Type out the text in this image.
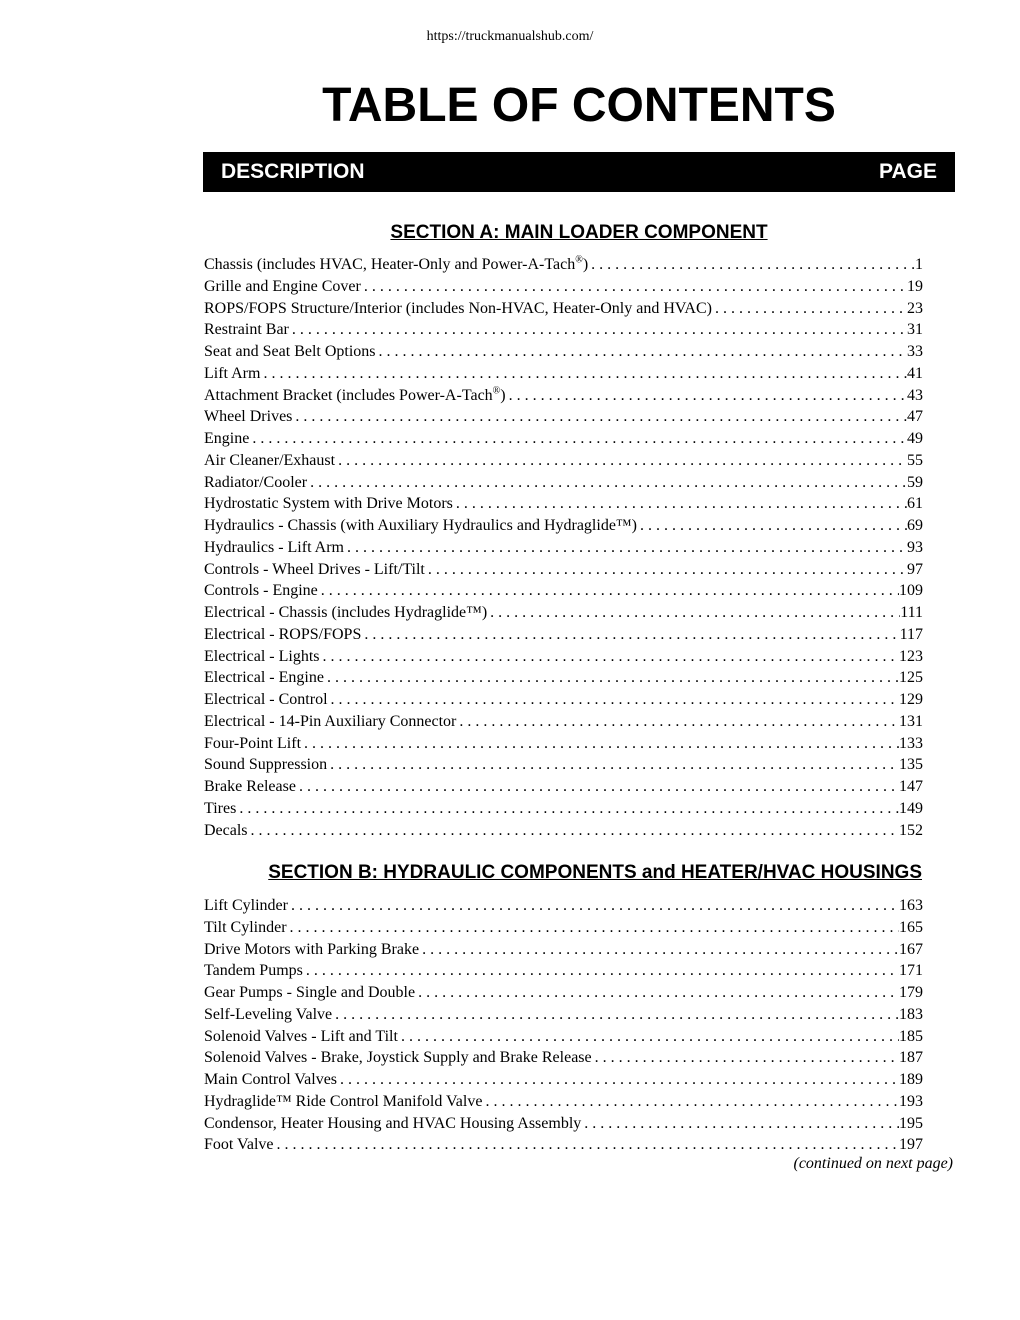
https://truckmanualshub.com/
TABLE OF CONTENTS
DESCRIPTION	PAGE
SECTION A: MAIN LOADER COMPONENT
Chassis (includes HVAC, Heater-Only and Power-A-Tach®) . . .	1
Grille and Engine Cover . . .	19
ROPS/FOPS Structure/Interior (includes Non-HVAC, Heater-Only and HVAC) . . .	23
Restraint Bar . . .	31
Seat and Seat Belt Options . . .	33
Lift Arm . . .	41
Attachment Bracket (includes Power-A-Tach®) . . .	43
Wheel Drives . . .	47
Engine . . .	49
Air Cleaner/Exhaust . . .	55
Radiator/Cooler . . .	59
Hydrostatic System with Drive Motors . . .	61
Hydraulics - Chassis (with Auxiliary Hydraulics and Hydraglide™) . . .	69
Hydraulics - Lift Arm . . .	93
Controls - Wheel Drives - Lift/Tilt . . .	97
Controls - Engine . . .	109
Electrical - Chassis (includes Hydraglide™) . . .	111
Electrical - ROPS/FOPS . . .	117
Electrical - Lights . . .	123
Electrical - Engine . . .	125
Electrical - Control . . .	129
Electrical - 14-Pin Auxiliary Connector . . .	131
Four-Point Lift . . .	133
Sound Suppression . . .	135
Brake Release . . .	147
Tires . . .	149
Decals . . .	152
SECTION B: HYDRAULIC COMPONENTS and HEATER/HVAC HOUSINGS
Lift Cylinder . . .	163
Tilt Cylinder . . .	165
Drive Motors with Parking Brake . . .	167
Tandem Pumps . . .	171
Gear Pumps - Single and Double . . .	179
Self-Leveling Valve . . .	183
Solenoid Valves - Lift and Tilt . . .	185
Solenoid Valves - Brake, Joystick Supply and Brake Release . . .	187
Main Control Valves . . .	189
Hydraglide™ Ride Control Manifold Valve . . .	193
Condensor, Heater Housing and HVAC Housing Assembly . . .	195
Foot Valve . . .	197
(continued on next page)
